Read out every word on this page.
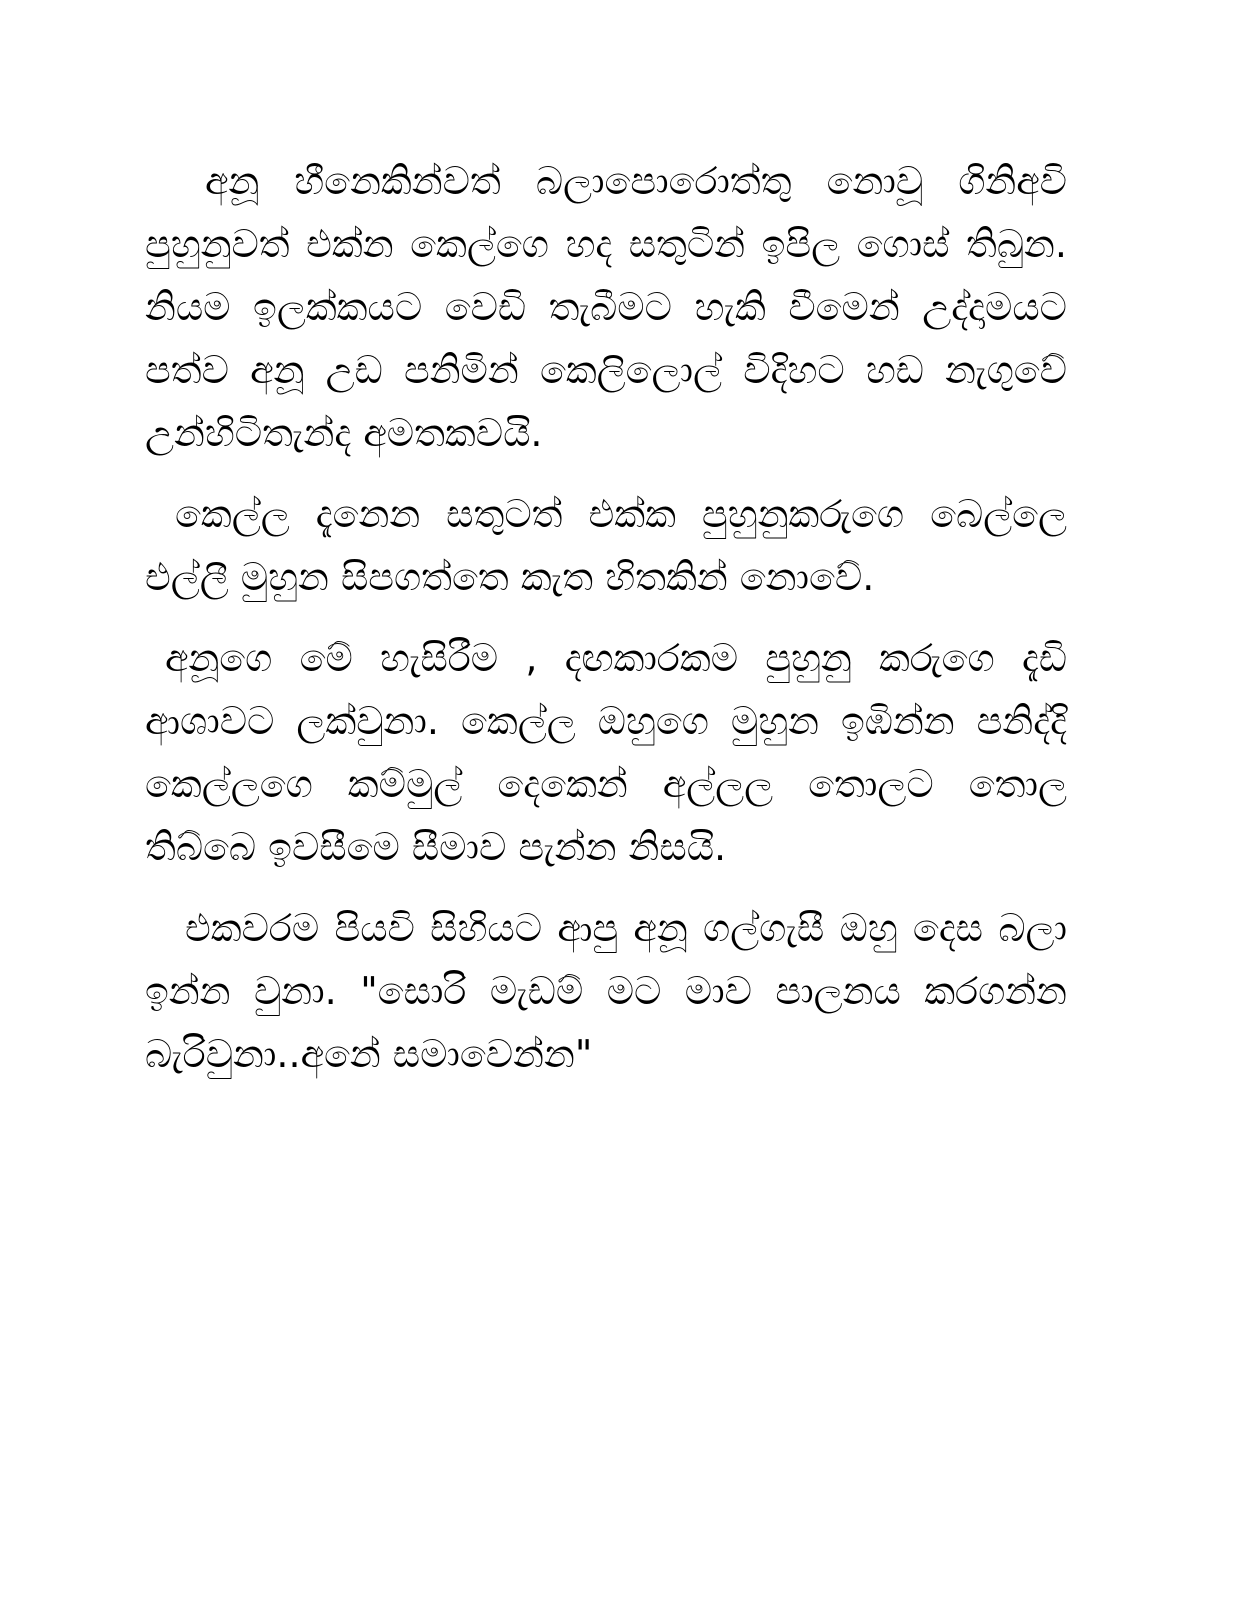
අනූ හීනෙකින්වත් බලාපොරොත්තු නොවූ ගිනිඅවි පුහුනුවත් එක්න කෙල්ගෙ හද සතුටින් ඉපිල ගොස් තිබුන. නියම ඉලක්කයට වෙඩි තැබීමට හැකි වීමෙන් උද්දාමයට පත්ව අනූ උඩ පනිමින් කෙලිලොල් විදිහට හඩ නැගුවේ උන්හිටිතැන්ද අමතකවයි.

කෙල්ල දැනෙන සතුටත් එක්ක පුහුනුකරුගෙ බෙල්ලෙ එල්ලී මුහුන සිපගත්තෙ කැත හිතකින් නොවේ.

අනූගෙ මේ හැසිරීම , දඟකාරකම පුහුනු කරුගෙ දැඩි ආශාවට ලක්වුනා. කෙල්ල ඔහුගෙ මුහුන ඉඹින්න පනිද්දි කෙල්ලගෙ කම්මුල් දෙකෙන් අල්ලල තොලට තොල තිබ්බෙ ඉවසීමෙ සීමාව පැන්න නිසයි.

එකවරම පියවි සිහියට ආපු අනූ ගල්ගැසී ඔහු දෙස බලා ඉන්න වුනා. "සොරි මැඩම් මට මාව පාලනය කරගන්න බැරිවුනා..අනේ සමාවෙන්න"
